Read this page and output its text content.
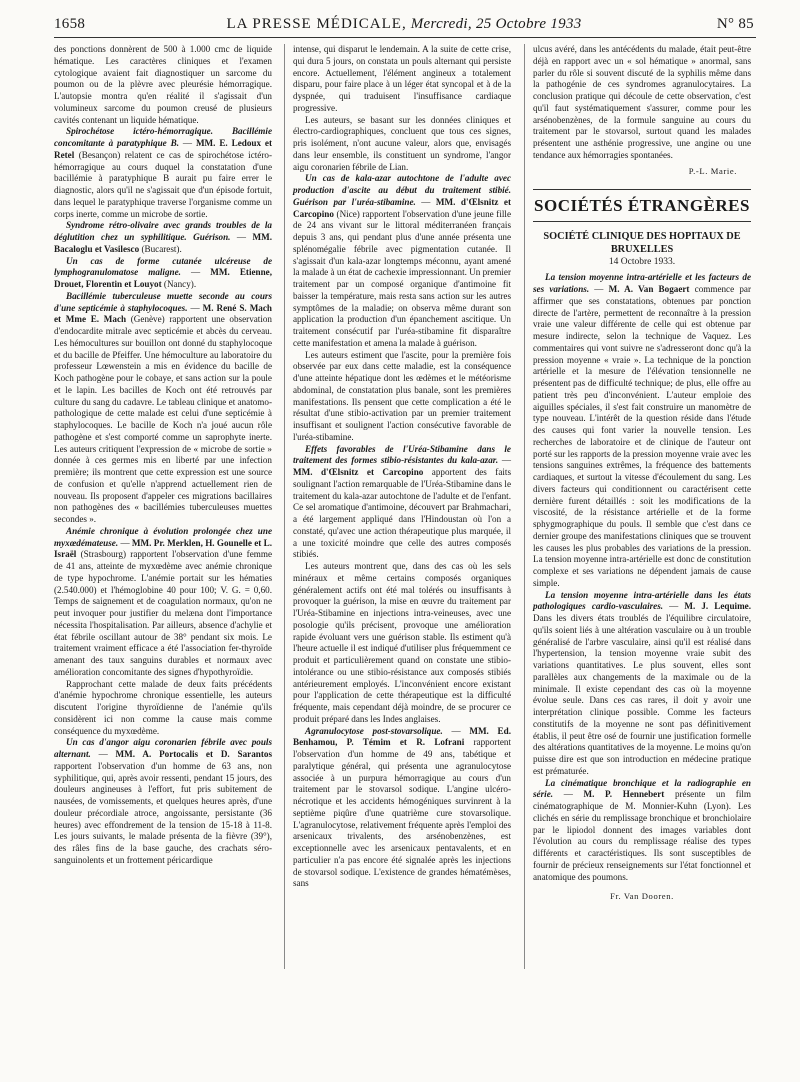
1658	LA PRESSE MÉDICALE, Mercredi, 25 Octobre 1933	N° 85

des ponctions donnèrent de 500 à 1.000 cmc de liquide hématique. Les caractères cliniques et l'examen cytologique avaient fait diagnostiquer un sarcome du poumon ou de la plèvre avec pleurésie hémorragique. L'autopsie montra qu'en réalité il s'agissait d'un volumineux sarcome du poumon creusé de plusieurs cavités contenant un liquide hématique.

Spirochétose ictéro-hémorragique. Bacillémie concomitante à paratyphique B. — MM. E. Ledoux et Retel (Besançon) relatent ce cas de spirochétose ictéro-hémorragique au cours duquel la constatation d'une bacillémie à paratyphique B aurait pu faire errer le diagnostic, alors qu'il ne s'agissait que d'un épisode fortuit, dans lequel le paratyphique traverse l'organisme comme un corps inerte, comme un microbe de sortie.

Syndrome rétro-olivaire avec grands troubles de la déglutition chez un syphilitique. Guérison. — MM. Bacaloglu et Vasilesco (Bucarest).

Un cas de forme cutanée ulcéreuse de lymphogranulomatose maligne. — MM. Etienne, Drouet, Florentin et Louyot (Nancy).

Bacillémie tuberculeuse muette seconde au cours d'une septicémie à staphylocoques. — M. René S. Mach et Mme E. Mach (Genève) rapportent une observation d'endocardite mitrale avec septicémie et abcès du cerveau. Les hémocultures sur bouillon ont donné du staphylocoque et du bacille de Pfeiffer. Une hémoculture au laboratoire du professeur Lœwenstein a mis en évidence du bacille de Koch pathogène pour le cobaye, et sans action sur la poule et le lapin. Les bacilles de Koch ont été retrouvés par culture du sang du cadavre. Le tableau clinique et anatomo-pathologique de cette malade est celui d'une septicémie à staphylocoques. Le bacille de Koch n'a joué aucun rôle pathogène et s'est comporté comme un saprophyte inerte. Les auteurs critiquent l'expression de « microbe de sortie » donnée à ces germes mis en liberté par une infection première; ils montrent que cette expression est une source de confusion et qu'elle n'apprend actuellement rien de nouveau. Ils proposent d'appeler ces migrations bacillaires non pathogènes des « bacillémies tuberculeuses muettes secondes ».

Anémie chronique à évolution prolongée chez une myxœdémateuse. — MM. Pr. Merklen, H. Gounelle et L. Israël (Strasbourg) rapportent l'observation d'une femme de 41 ans, atteinte de myxœdème avec anémie chronique de type hypochrome. L'anémie portait sur les hématies (2.540.000) et l'hémoglobine 40 pour 100; V. G. = 0,60. Temps de saignement et de coagulation normaux, qu'on ne peut invoquer pour justifier du melæna dont l'importance nécessita l'hospitalisation. Par ailleurs, absence d'achylie et état fébrile oscillant autour de 38° pendant six mois. Le traitement vraiment efficace a été l'association fer-thyroïde amenant des taux sanguins durables et normaux avec amélioration concomitante des signes d'hypothyroïdie.

Rapprochant cette malade de deux faits précédents d'anémie hypochrome chronique essentielle, les auteurs discutent l'origine thyroïdienne de l'anémie qu'ils considèrent ici non comme la cause mais comme conséquence du myxœdème.

Un cas d'angor aigu coronarien fébrile avec pouls alternant. — MM. A. Portocalis et D. Sarantos rapportent l'observation d'un homme de 63 ans, non syphilitique, qui, après avoir ressenti, pendant 15 jours, des douleurs angineuses à l'effort, fut pris subitement de nausées, de vomissements, et quelques heures après, d'une douleur précordiale atroce, angoissante, persistante (36 heures) avec effondrement de la tension de 15-18 à 11-8. Les jours suivants, le malade présenta de la fièvre (39°), des râles fins de la base gauche, des crachats séro-sanguinolents et un frottement péricardique

intense, qui disparut le lendemain. A la suite de cette crise, qui dura 5 jours, on constata un pouls alternant qui persiste encore. Actuellement, l'élément angineux a totalement disparu, pour faire place à un léger état syncopal et à de la dyspnée, qui traduisent l'insuffisance cardiaque progressive.

Les auteurs, se basant sur les données cliniques et électro-cardiographiques, concluent que tous ces signes, pris isolément, n'ont aucune valeur, alors que, envisagés dans leur ensemble, ils constituent un syndrome, l'angor aigu coronarien fébrile de Lian.

Un cas de kala-azar autochtone de l'adulte avec production d'ascite au début du traitement stibié. Guérison par l'uréa-stibamine. — MM. d'Œlsnitz et Carcopino (Nice) rapportent l'observation d'une jeune fille de 24 ans vivant sur le littoral méditerranéen français depuis 3 ans, qui pendant plus d'une année présenta une splénomégalie fébrile avec pigmentation cutanée. Il s'agissait d'un kala-azar longtemps méconnu, ayant amené la malade à un état de cachexie impressionnant. Un premier traitement par un composé organique d'antimoine fit baisser la température, mais resta sans action sur les autres symptômes de la maladie; on observa même durant son application la production d'un épanchement ascitique. Un traitement consécutif par l'uréa-stibamine fit disparaître cette manifestation et amena la malade à guérison.

Les auteurs estiment que l'ascite, pour la première fois observée par eux dans cette maladie, est la conséquence d'une atteinte hépatique dont les œdèmes et le météorisme abdominal, de constatation plus banale, sont les premières manifestations. Ils pensent que cette complication a été le résultat d'une stibio-activation par un premier traitement insuffisant et soulignent l'action consécutive favorable de l'uréa-stibamine.

Effets favorables de l'Uréa-Stibamine dans le traitement des formes stibio-résistantes du kala-azar. — MM. d'Œlsnitz et Carcopino apportent des faits soulignant l'action remarquable de l'Uréa-Stibamine dans le traitement du kala-azar autochtone de l'adulte et de l'enfant. Ce sel aromatique d'antimoine, découvert par Brahmachari, a été largement appliqué dans l'Hindoustan où l'on a constaté, qu'avec une action thérapeutique plus marquée, il a une toxicité moindre que celle des autres composés stibiés.

Les auteurs montrent que, dans des cas où les sels minéraux et même certains composés organiques généralement actifs ont été mal tolérés ou insuffisants à provoquer la guérison, la mise en œuvre du traitement par l'Uréa-Stibamine en injections intra-veineuses, avec une posologie qu'ils précisent, provoque une amélioration rapide évoluant vers une guérison stable. Ils estiment qu'à l'heure actuelle il est indiqué d'utiliser plus fréquemment ce produit et particulièrement quand on constate une stibio-intolérance ou une stibio-résistance aux composés stibiés antérieurement employés. L'inconvénient encore existant pour l'application de cette thérapeutique est la difficulté fréquente, mais cependant déjà moindre, de se procurer ce produit préparé dans les Indes anglaises.

Agranulocytose post-stovarsolique. — MM. Ed. Benhamou, P. Témim et R. Lofrani rapportent l'observation d'un homme de 49 ans, tabétique et paralytique général, qui présenta une agranulocytose associée à un purpura hémorragique au cours d'un traitement par le stovarsol sodique. L'angine ulcéro-nécrotique et les accidents hémogéniques survinrent à la septième piqûre d'une quatrième cure stovarsolique. L'agranulocytose, relativement fréquente après l'emploi des arsenicaux trivalents, des arsénobenzènes, est exceptionnelle avec les arsenicaux pentavalents, et en particulier n'a pas encore été signalée après les injections de stovarsol sodique. L'existence de grandes hématémèses, sans

ulcus avéré, dans les antécédents du malade, était peut-être déjà en rapport avec un « sol hématique » anormal, sans parler du rôle si souvent discuté de la syphilis même dans la pathogénie de ces syndromes agranulocytaires. La conclusion pratique qui découle de cette observation, c'est qu'il faut systématiquement s'assurer, comme pour les arsénobenzènes, de la formule sanguine au cours du traitement par le stovarsol, surtout quand les malades présentent une asthénie progressive, une angine ou une tendance aux hémorragies spontanées.

P.-L. Marie.
SOCIÉTÉS ÉTRANGÈRES
SOCIÉTÉ CLINIQUE DES HOPITAUX DE BRUXELLES
14 Octobre 1933.

La tension moyenne intra-artérielle et les facteurs de ses variations. — M. A. Van Bogaert commence par affirmer que ses constatations, obtenues par ponction directe de l'artère, permettent de reconnaître à la pression vraie une valeur différente de celle qui est obtenue par mesure indirecte, selon la technique de Vaquez. Les commentaires qui vont suivre ne s'adresseront donc qu'à la pression moyenne « vraie ». La technique de la ponction artérielle et la mesure de l'élévation tensionnelle ne présentent pas de difficulté technique; de plus, elle offre au patient très peu d'inconvénient. L'auteur emploie des aiguilles spéciales, il s'est fait construire un manomètre de type nouveau. L'intérêt de la question réside dans l'étude des causes qui font varier la nouvelle tension. Les recherches de laboratoire et de clinique de l'auteur ont porté sur les rapports de la pression moyenne vraie avec les tensions sanguines extrêmes, la fréquence des battements cardiaques, et surtout la vitesse d'écoulement du sang. Les divers facteurs qui conditionnent ou caractérisent cette dernière furent détaillés : soit les modifications de la viscosité, de la résistance artérielle et de la forme sphygmographique du pouls. Il semble que c'est dans ce dernier groupe des manifestations cliniques que se trouvent les causes les plus probables des variations de la pression. La tension moyenne intra-artérielle est donc de constitution complexe et ses variations ne dépendent jamais de cause simple.

La tension moyenne intra-artérielle dans les états pathologiques cardio-vasculaires. — M. J. Lequime. Dans les divers états troublés de l'équilibre circulatoire, qu'ils soient liés à une altération vasculaire ou à un trouble généralisé de l'arbre vasculaire, ainsi qu'il est réalisé dans l'hypertension, la tension moyenne vraie subit des variations quantitatives. Le plus souvent, elles sont parallèles aux changements de la maximale ou de la minimale. Il existe cependant des cas où la moyenne évolue seule. Dans ces cas rares, il doit y avoir une interprétation clinique possible. Comme les facteurs constitutifs de la moyenne ne sont pas définitivement établis, il peut être osé de fournir une justification formelle des altérations quantitatives de la moyenne. Le moins qu'on puisse dire est que son introduction en médecine pratique est prématurée.

La cinématique bronchique et la radiographie en série. — M. P. Hennebert présente un film cinématographique de M. Monnier-Kuhn (Lyon). Les clichés en série du remplissage bronchique et bronchiolaire par le lipiodol donnent des images variables dont l'évolution au cours du remplissage réalise des types différents et caractéristiques. Ils sont susceptibles de fournir de précieux renseignements sur l'état fonctionnel et anatomique des poumons.

Fr. Van Dooren.
